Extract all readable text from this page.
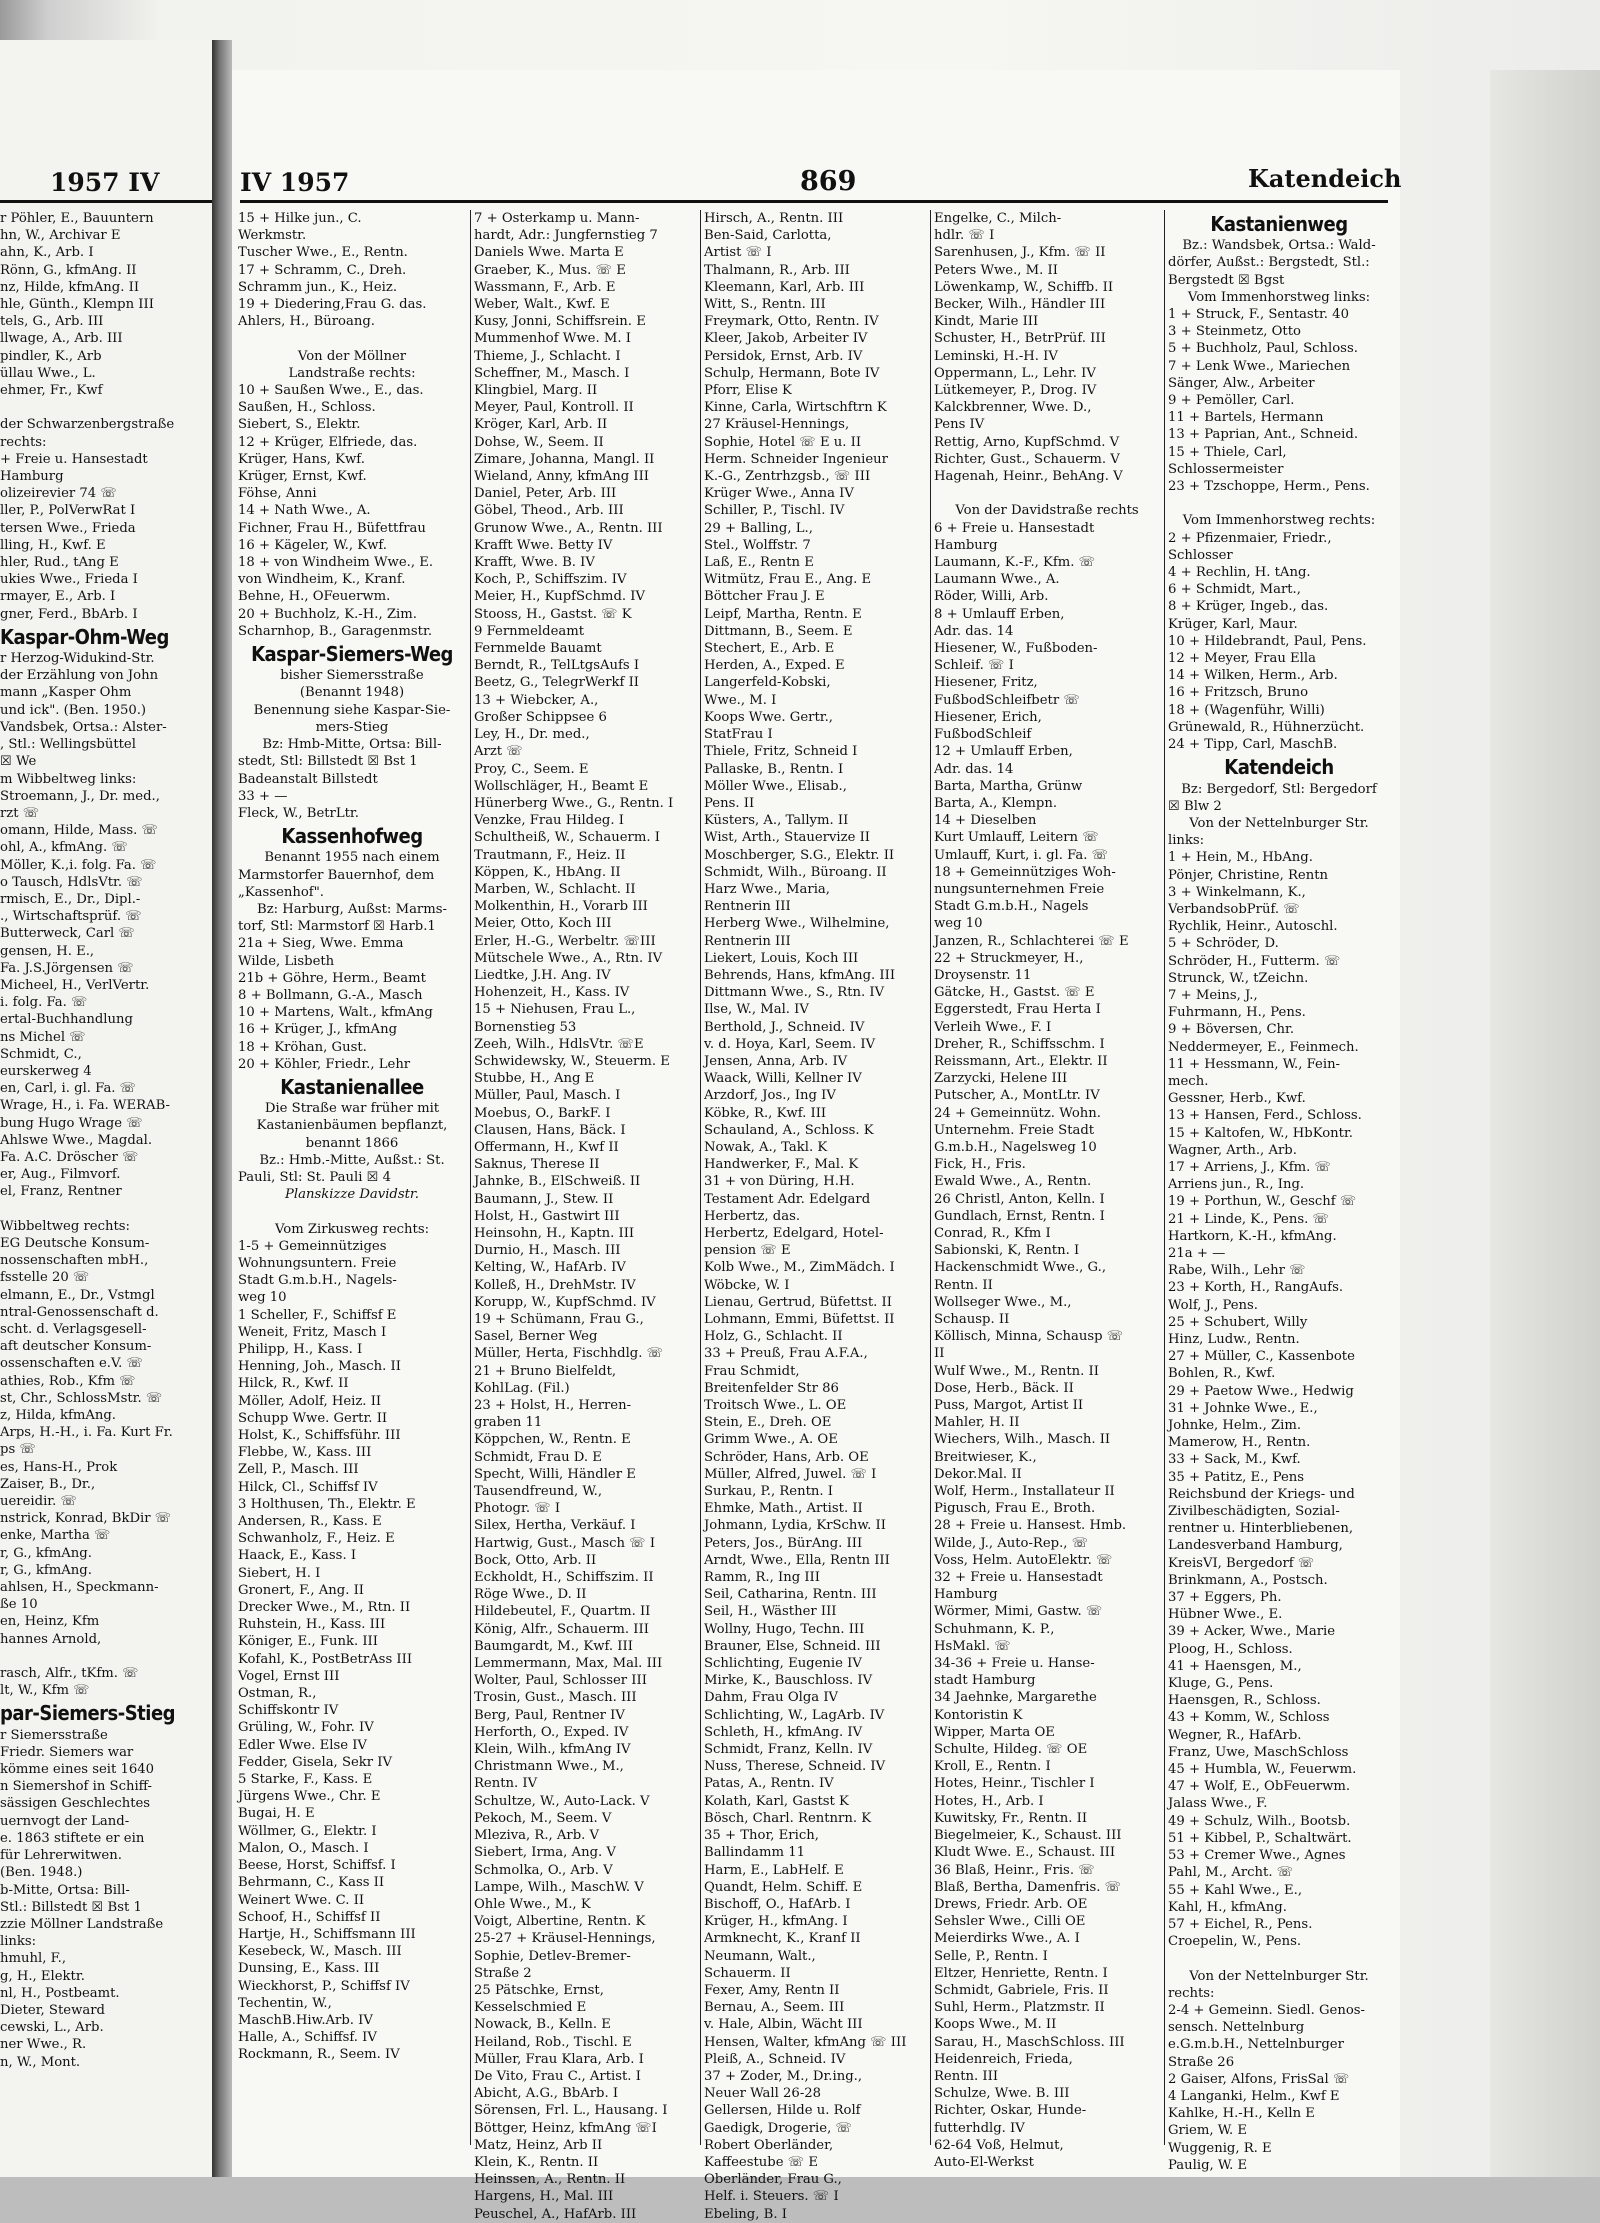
1957 IV	IV 1957	869	Katendeich
r Pöhler, E., Bauuntern
hn, W., Archivar E
ahn, K., Arb. I
Rönn, G., kfmAng. II
nz, Hilde, kfmAng. II
hle, Günth., Klempn III
tels, G., Arb. III
llwage, A., Arb. III
pindler, K., Arb
üllau Wwe., L.
ehmer, Fr., Kwf

der Schwarzenbergstraße
rechts:
+ Freie u. Hansestadt
Hamburg
olizeirevier 74 ☏
ller, P., PolVerwRat I
tersen Wwe., Frieda
lling, H., Kwf. E
hler, Rud., tAng E
ukies Wwe., Frieda I
rmayer, E., Arb. I
gner, Ferd., BbArb. I
Kaspar-Ohm-Weg
r Herzog-Widukind-Str.
der Erzählung von John
mann „Kasper Ohm
und ick". (Ben. 1950.)
Vandsbek, Ortsa.: Alster-
, Stl.: Wellingsbüttel
☒ We
m Wibbeltweg links:
Stroemann, J., Dr. med.,
rzt ☏
omann, Hilde, Mass. ☏
ohl, A., kfmAng. ☏
Möller, K.,i. folg. Fa. ☏
o Tausch, HdlsVtr. ☏
rmisch, E., Dr., Dipl.-
., Wirtschaftsprüf. ☏
Butterweck, Carl ☏
gensen, H. E.,
Fa. J.S.Jörgensen ☏
Micheel, H., VerlVertr.
i. folg. Fa. ☏
ertal-Buchhandlung
ns Michel ☏
Schmidt, C.,
eurskerweg 4
en, Carl, i. gl. Fa. ☏
Wrage, H., i. Fa. WERAB-
bung Hugo Wrage ☏
Ahlswe Wwe., Magdal.
Fa. A.C. Dröscher ☏
er, Aug., Filmvorf.
el, Franz, Rentner

Wibbeltweg rechts:
EG Deutsche Konsum-
nossenschaften mbH.,
fsstelle 20 ☏
elmann, E., Dr., Vstmgl
ntral-Genossenschaft d.
scht. d. Verlagsgesell-
aft deutscher Konsum-
ossenschaften e.V. ☏
athies, Rob., Kfm ☏
st, Chr., SchlossMstr. ☏
z, Hilda, kfmAng.
Arps, H.-H., i. Fa. Kurt Fr.
ps ☏
es, Hans-H., Prok
Zaiser, B., Dr.,
uereidir. ☏
nstrick, Konrad, BkDir ☏
enke, Martha ☏
r, G., kfmAng.
r, G., kfmAng.
ahlsen, H., Speckmann-
ße 10
en, Heinz, Kfm
hannes Arnold,

rasch, Alfr., tKfm. ☏
lt, W., Kfm ☏
par-Siemers-Stieg
r Siemersstraße
Friedr. Siemers war
kömme eines seit 1640
n Siemershof in Schiff-
sässigen Geschlechtes
uernvogt der Land-
e. 1863 stiftete er ein
für Lehrerwitwen.
(Ben. 1948.)
b-Mitte, Ortsa: Bill-
Stl.: Billstedt ☒ Bst 1
zzie Möllner Landstraße
links:
hmuhl, F.,
g, H., Elektr.
nl, H., Postbeamt.
Dieter, Steward
cewski, L., Arb.
ner Wwe., R.
n, W., Mont.
15 + Hilke jun., C.
Werkmstr.
Tuscher Wwe., E., Rentn.
17 + Schramm, C., Dreh.
Schramm jun., K., Heiz.
19 + Diedering,Frau G. das.
Ahlers, H., Büroang.

Von der Möllner
Landstraße rechts:
10 + Saußen Wwe., E., das.
Saußen, H., Schloss.
Siebert, S., Elektr.
12 + Krüger, Elfriede, das.
Krüger, Hans, Kwf.
Krüger, Ernst, Kwf.
Föhse, Anni
14 + Nath Wwe., A.
Fichner, Frau H., Büfettfrau
16 + Kägeler, W., Kwf.
18 + von Windheim Wwe., E.
von Windheim, K., Kranf.
Behne, H., OFeuerwm.
20 + Buchholz, K.-H., Zim.
Scharnhop, B., Garagenmstr.
Kaspar-Siemers-Weg
bisher Siemersstraße
(Benannt 1948)
Benennung siehe Kaspar-Sie-
mers-Stieg
Bz: Hmb-Mitte, Ortsa: Bill-
stedt, Stl: Billstedt ☒ Bst 1
Badeanstalt Billstedt
33 + —
Fleck, W., BetrLtr.
Kassenhofweg
Benannt 1955 nach einem
Marmstorfer Bauernhof, dem
„Kassenhof".
Bz: Harburg, Außst: Marms-
torf, Stl: Marmstorf ☒ Harb.1
21a + Sieg, Wwe. Emma
Wilde, Lisbeth
21b + Göhre, Herm., Beamt
8 + Bollmann, G.-A., Masch
10 + Martens, Walt., kfmAng
16 + Krüger, J., kfmAng
18 + Kröhan, Gust.
20 + Köhler, Friedr., Lehr
Kastanienallee
Die Straße war früher mit
Kastanienbäumen bepflanzt,
benannt 1866
Bz.: Hmb.-Mitte, Außst.: St.
Pauli, Stl: St. Pauli ☒ 4
Planskizze Davidstr.

Vom Zirkusweg rechts:
1-5 + Gemeinnütziges
Wohnungsuntern. Freie
Stadt G.m.b.H., Nagels-
weg 10
1 Scheller, F., Schiffsf E
Weneit, Fritz, Masch I
Philipp, H., Kass. I
Henning, Joh., Masch. II
Hilck, R., Kwf. II
Möller, Adolf, Heiz. II
Schupp Wwe. Gertr. II
Holst, K., Schiffsführ. III
Flebbe, W., Kass. III
Zell, P., Masch. III
Hilck, Cl., Schiffsf IV
3 Holthusen, Th., Elektr. E
Andersen, R., Kass. E
Schwanholz, F., Heiz. E
Haack, E., Kass. I
Siebert, H. I
Gronert, F., Ang. II
Drecker Wwe., M., Rtn. II
Ruhstein, H., Kass. III
Königer, E., Funk. III
Kofahl, K., PostBetrAss III
Vogel, Ernst III
Ostman, R.,
Schiffskontr IV
Grüling, W., Fohr. IV
Edler Wwe. Else IV
Fedder, Gisela, Sekr IV
5 Starke, F., Kass. E
Jürgens Wwe., Chr. E
Bugai, H. E
Wöllmer, G., Elektr. I
Malon, O., Masch. I
Beese, Horst, Schiffsf. I
Behrmann, C., Kass II
Weinert Wwe. C. II
Schoof, H., Schiffsf II
Hartje, H., Schiffsmann III
Kesebeck, W., Masch. III
Dunsing, E., Kass. III
Wieckhorst, P., Schiffsf IV
Techentin, W.,
MaschB.Hiw.Arb. IV
Halle, A., Schiffsf. IV
Rockmann, R., Seem. IV
7 + Osterkamp u. Mann-
hardt, Adr.: Jungfernstieg 7
Daniels Wwe. Marta E
Graeber, K., Mus. ☏ E
Wassmann, F., Arb. E
Weber, Walt., Kwf. E
Kusy, Jonni, Schiffsrein. E
Mummenhof Wwe. M. I
Thieme, J., Schlacht. I
Scheffner, M., Masch. I
Klingbiel, Marg. II
Meyer, Paul, Kontroll. II
Kröger, Karl, Arb. II
Dohse, W., Seem. II
Zimare, Johanna, Mangl. II
Wieland, Anny, kfmAng III
Daniel, Peter, Arb. III
Göbel, Theod., Arb. III
Grunow Wwe., A., Rentn. III
Krafft Wwe. Betty IV
Krafft, Wwe. B. IV
Koch, P., Schiffszim. IV
Meier, H., KupfSchmd. IV
Stooss, H., Gastst. ☏ K
9 Fernmeldeamt
Fernmelde Bauamt
Berndt, R., TelLtgsAufs I
Beetz, G., TelegrWerkf II
13 + Wiebcker, A.,
Großer Schippsee 6
Ley, H., Dr. med.,
Arzt ☏
Proy, C., Seem. E
Wollschläger, H., Beamt E
Hünerberg Wwe., G., Rentn. I
Venzke, Frau Hildeg. I
Schultheiß, W., Schauerm. I
Trautmann, F., Heiz. II
Köppen, K., HbAng. II
Marben, W., Schlacht. II
Molkenthin, H., Vorarb III
Meier, Otto, Koch III
Erler, H.-G., Werbeltr. ☏III
Mütschele Wwe., A., Rtn. IV
Liedtke, J.H. Ang. IV
Hohenzeit, H., Kass. IV
15 + Niehusen, Frau L.,
Bornenstieg 53
Zeeh, Wilh., HdlsVtr. ☏E
Schwidewsky, W., Steuerm. E
Stubbe, H., Ang E
Müller, Paul, Masch. I
Moebus, O., BarkF. I
Clausen, Hans, Bäck. I
Offermann, H., Kwf II
Saknus, Therese II
Jahnke, B., ElSchweiß. II
Baumann, J., Stew. II
Holst, H., Gastwirt III
Heinsohn, H., Kaptn. III
Durnio, H., Masch. III
Kelting, W., HafArb. IV
Kolleß, H., DrehMstr. IV
Korupp, W., KupfSchmd. IV
19 + Schümann, Frau G.,
Sasel, Berner Weg
Müller, Herta, Fischhdlg. ☏
21 + Bruno Bielfeldt,
KohlLag. (Fil.)
23 + Holst, H., Herren-
graben 11
Köppchen, W., Rentn. E
Schmidt, Frau D. E
Specht, Willi, Händler E
Tausendfreund, W.,
Photogr. ☏ I
Silex, Hertha, Verkäuf. I
Hartwig, Gust., Masch ☏ I
Bock, Otto, Arb. II
Eckholdt, H., Schiffszim. II
Röge Wwe., D. II
Hildebeutel, F., Quartm. II
König, Alfr., Schauerm. III
Baumgardt, M., Kwf. III
Lemmermann, Max, Mal. III
Wolter, Paul, Schlosser III
Trosin, Gust., Masch. III
Berg, Paul, Rentner IV
Herforth, O., Exped. IV
Klein, Wilh., kfmAng IV
Christmann Wwe., M.,
Rentn. IV
Schultze, W., Auto-Lack. V
Pekoch, M., Seem. V
Mleziva, R., Arb. V
Siebert, Irma, Ang. V
Schmolka, O., Arb. V
Lampe, Wilh., MaschW. V
Ohle Wwe., M., K
Voigt, Albertine, Rentn. K
25-27 + Kräusel-Hennings,
Sophie, Detlev-Bremer-
Straße 2
25 Pätschke, Ernst,
Kesselschmied E
Nowack, B., Kelln. E
Heiland, Rob., Tischl. E
Müller, Frau Klara, Arb. I
De Vito, Frau C., Artist. I
Abicht, A.G., BbArb. I
Sörensen, Frl. L., Hausang. I
Böttger, Heinz, kfmAng ☏I
Matz, Heinz, Arb II
Klein, K., Rentn. II
Heinssen, A., Rentn. II
Hargens, H., Mal. III
Peuschel, A., HafArb. III
Hirsch, A., Rentn. III
Ben-Said, Carlotta,
Artist ☏ I
Thalmann, R., Arb. III
Kleemann, Karl, Arb. III
Witt, S., Rentn. III
Freymark, Otto, Rentn. IV
Kleer, Jakob, Arbeiter IV
Persidok, Ernst, Arb. IV
Schulp, Hermann, Bote IV
Pforr, Elise K
Kinne, Carla, Wirtschftrn K
27 Kräusel-Hennings,
Sophie, Hotel ☏ E u. II
Herm. Schneider Ingenieur
K.-G., Zentrhzgsb., ☏ III
Krüger Wwe., Anna IV
Schiller, P., Tischl. IV
29 + Balling, L.,
Stel., Wolffstr. 7
Laß, E., Rentn E
Witmütz, Frau E., Ang. E
Böttcher Frau J. E
Leipf, Martha, Rentn. E
Dittmann, B., Seem. E
Stechert, E., Arb. E
Herden, A., Exped. E
Langerfeld-Kobski,
Wwe., M. I
Koops Wwe. Gertr.,
StatFrau I
Thiele, Fritz, Schneid I
Pallaske, B., Rentn. I
Möller Wwe., Elisab.,
Pens. II
Küsters, A., Tallym. II
Wist, Arth., Stauervize II
Moschberger, S.G., Elektr. II
Schmidt, Wilh., Büroang. II
Harz Wwe., Maria,
Rentnerin III
Herberg Wwe., Wilhelmine,
Rentnerin III
Liekert, Louis, Koch III
Behrends, Hans, kfmAng. III
Dittmann Wwe., S., Rtn. IV
Ilse, W., Mal. IV
Berthold, J., Schneid. IV
v. d. Hoya, Karl, Seem. IV
Jensen, Anna, Arb. IV
Waack, Willi, Kellner IV
Arzdorf, Jos., Ing IV
Köbke, R., Kwf. III
Schauland, A., Schloss. K
Nowak, A., Takl. K
Handwerker, F., Mal. K
31 + von Düring, H.H.
Testament Adr. Edelgard
Herbertz, das.
Herbertz, Edelgard, Hotel-
pension ☏ E
Kolb Wwe., M., ZimMädch. I
Wöbcke, W. I
Lienau, Gertrud, Büfettst. II
Lohmann, Emmi, Büfettst. II
Holz, G., Schlacht. II
33 + Preuß, Frau A.F.A.,
Frau Schmidt,
Breitenfelder Str 86
Troitsch Wwe., L. OE
Stein, E., Dreh. OE
Grimm Wwe., A. OE
Schröder, Hans, Arb. OE
Müller, Alfred, Juwel. ☏ I
Surkau, P., Rentn. I
Ehmke, Math., Artist. II
Johmann, Lydia, KrSchw. II
Peters, Jos., BürAng. III
Arndt, Wwe., Ella, Rentn III
Ramm, R., Ing III
Seil, Catharina, Rentn. III
Seil, H., Wästher III
Wollny, Hugo, Techn. III
Brauner, Else, Schneid. III
Schlichting, Eugenie IV
Mirke, K., Bauschloss. IV
Dahm, Frau Olga IV
Schlichting, W., LagArb. IV
Schleth, H., kfmAng. IV
Schmidt, Franz, Kelln. IV
Nuss, Therese, Schneid. IV
Patas, A., Rentn. IV
Kolath, Karl, Gastst K
Bösch, Charl. Rentnrn. K
35 + Thor, Erich,
Ballindamm 11
Harm, E., LabHelf. E
Quandt, Helm. Schiff. E
Bischoff, O., HafArb. I
Krüger, H., kfmAng. I
Armknecht, K., Kranf II
Neumann, Walt.,
Schauerm. II
Fexer, Amy, Rentn II
Bernau, A., Seem. III
v. Hale, Albin, Wächt III
Hensen, Walter, kfmAng ☏ III
Pleiß, A., Schneid. IV
37 + Zoder, M., Dr.ing.,
Neuer Wall 26-28
Gellersen, Hilde u. Rolf
Gaedigk, Drogerie, ☏
Robert Oberländer,
Kaffeestube ☏ E
Oberländer, Frau G.,
Helf. i. Steuers. ☏ I
Ebeling, B. I
Engelke, C., Milch-
hdlr. ☏ I
Sarenhusen, J., Kfm. ☏ II
Peters Wwe., M. II
Löwenkamp, W., Schiffb. II
Becker, Wilh., Händler III
Kindt, Marie III
Schuster, H., BetrPrüf. III
Leminski, H.-H. IV
Oppermann, L., Lehr. IV
Lütkemeyer, P., Drog. IV
Kalckbrenner, Wwe. D.,
Pens IV
Rettig, Arno, KupfSchmd. V
Richter, Gust., Schauerm. V
Hagenah, Heinr., BehAng. V

Von der Davidstraße rechts
6 + Freie u. Hansestadt
Hamburg
Laumann, K.-F., Kfm. ☏
Laumann Wwe., A.
Röder, Willi, Arb.
8 + Umlauff Erben,
Adr. das. 14
Hiesener, W., Fußboden-
Schleif. ☏ I
Hiesener, Fritz,
FußbodSchleifbetr ☏
Hiesener, Erich,
FußbodSchleif
12 + Umlauff Erben,
Adr. das. 14
Barta, Martha, Grünw
Barta, A., Klempn.
14 + Dieselben
Kurt Umlauff, Leitern ☏
Umlauff, Kurt, i. gl. Fa. ☏
18 + Gemeinnütziges Woh-
nungsunternehmen Freie
Stadt G.m.b.H., Nagels
weg 10
Janzen, R., Schlachterei ☏ E
22 + Struckmeyer, H.,
Droysenstr. 11
Gätcke, H., Gastst. ☏ E
Eggerstedt, Frau Herta I
Verleih Wwe., F. I
Dreher, R., Schiffsschm. I
Reissmann, Art., Elektr. II
Zarzycki, Helene III
Putscher, A., MontLtr. IV
24 + Gemeinnütz. Wohn.
Unternehm. Freie Stadt
G.m.b.H., Nagelsweg 10
Fick, H., Fris.
Ewald Wwe., A., Rentn.
26 Christl, Anton, Kelln. I
Gundlach, Ernst, Rentn. I
Conrad, R., Kfm I
Sabionski, K, Rentn. I
Hackenschmidt Wwe., G.,
Rentn. II
Wollseger Wwe., M.,
Schausp. II
Köllisch, Minna, Schausp ☏
II
Wulf Wwe., M., Rentn. II
Dose, Herb., Bäck. II
Puss, Margot, Artist II
Mahler, H. II
Wiechers, Wilh., Masch. II
Breitwieser, K.,
Dekor.Mal. II
Wolf, Herm., Installateur II
Pigusch, Frau E., Broth.
28 + Freie u. Hansest. Hmb.
Wilde, J., Auto-Rep., ☏
Voss, Helm. AutoElektr. ☏
32 + Freie u. Hansestadt
Hamburg
Wörmer, Mimi, Gastw. ☏
Schuhmann, K. P.,
HsMakl. ☏
34-36 + Freie u. Hanse-
stadt Hamburg
34 Jaehnke, Margarethe
Kontoristin K
Wipper, Marta OE
Schulte, Hildeg. ☏ OE
Kroll, E., Rentn. I
Hotes, Heinr., Tischler I
Hotes, H., Arb. I
Kuwitsky, Fr., Rentn. II
Biegelmeier, K., Schaust. III
Kludt Wwe. E., Schaust. III
36 Blaß, Heinr., Fris. ☏
Blaß, Bertha, Damenfris. ☏
Drews, Friedr. Arb. OE
Sehsler Wwe., Cilli OE
Meierdirks Wwe., A. I
Selle, P., Rentn. I
Eltzer, Henriette, Rentn. I
Schmidt, Gabriele, Fris. II
Suhl, Herm., Platzmstr. II
Koops Wwe., M. II
Sarau, H., MaschSchloss. III
Heidenreich, Frieda,
Rentn. III
Schulze, Wwe. B. III
Richter, Oskar, Hunde-
futterhdlg. IV
62-64 Voß, Helmut,
Auto-El-Werkst
Kastanienweg
Bz.: Wandsbek, Ortsa.: Wald-
dörfer, Außst.: Bergstedt, Stl.:
Bergstedt ☒ Bgst
Vom Immenhorstweg links:
1 + Struck, F., Sentastr. 40
3 + Steinmetz, Otto
5 + Buchholz, Paul, Schloss.
7 + Lenk Wwe., Mariechen
Sänger, Alw., Arbeiter
9 + Pemöller, Carl.
11 + Bartels, Hermann
13 + Paprian, Ant., Schneid.
15 + Thiele, Carl,
Schlossermeister
23 + Tzschoppe, Herm., Pens.

Vom Immenhorstweg rechts:
2 + Pfizenmaier, Friedr.,
Schlosser
4 + Rechlin, H. tAng.
6 + Schmidt, Mart.,
8 + Krüger, Ingeb., das.
Krüger, Karl, Maur.
10 + Hildebrandt, Paul, Pens.
12 + Meyer, Frau Ella
14 + Wilken, Herm., Arb.
16 + Fritzsch, Bruno
18 + (Wagenführ, Willi)
Grünewald, R., Hühnerzücht.
24 + Tipp, Carl, MaschB.
Katendeich
Bz: Bergedorf, Stl: Bergedorf
☒ Blw 2
Von der Nettelnburger Str.
links:
1 + Hein, M., HbAng.
Pönjer, Christine, Rentn
3 + Winkelmann, K.,
VerbandsobPrüf. ☏
Rychlik, Heinr., Autoschl.
5 + Schröder, D.
Schröder, H., Futterm. ☏
Strunck, W., tZeichn.
7 + Meins, J.,
Fuhrmann, H., Pens.
9 + Böversen, Chr.
Neddermeyer, E., Feinmech.
11 + Hessmann, W., Fein-
mech.
Gessner, Herb., Kwf.
13 + Hansen, Ferd., Schloss.
15 + Kaltofen, W., HbKontr.
Wagner, Arth., Arb.
17 + Arriens, J., Kfm. ☏
Arriens jun., R., Ing.
19 + Porthun, W., Geschf ☏
21 + Linde, K., Pens. ☏
Hartkorn, K.-H., kfmAng.
21a + —
Rabe, Wilh., Lehr ☏
23 + Korth, H., RangAufs.
Wolf, J., Pens.
25 + Schubert, Willy
Hinz, Ludw., Rentn.
27 + Müller, C., Kassenbote
Bohlen, R., Kwf.
29 + Paetow Wwe., Hedwig
31 + Johnke Wwe., E.,
Johnke, Helm., Zim.
Mamerow, H., Rentn.
33 + Sack, M., Kwf.
35 + Patitz, E., Pens
Reichsbund der Kriegs- und
Zivilbeschädigten, Sozial-
rentner u. Hinterbliebenen,
Landesverband Hamburg,
KreisVI, Bergedorf ☏
Brinkmann, A., Postsch.
37 + Eggers, Ph.
Hübner Wwe., E.
39 + Acker, Wwe., Marie
Ploog, H., Schloss.
41 + Haensgen, M.,
Kluge, G., Pens.
Haensgen, R., Schloss.
43 + Komm, W., Schloss
Wegner, R., HafArb.
Franz, Uwe, MaschSchloss
45 + Humbla, W., Feuerwm.
47 + Wolf, E., ObFeuerwm.
Jalass Wwe., F.
49 + Schulz, Wilh., Bootsb.
51 + Kibbel, P., Schaltwärt.
53 + Cremer Wwe., Agnes
Pahl, M., Archt. ☏
55 + Kahl Wwe., E.,
Kahl, H., kfmAng.
57 + Eichel, R., Pens.
Croepelin, W., Pens.

Von der Nettelnburger Str.
rechts:
2-4 + Gemeinn. Siedl. Genos-
sensch. Nettelnburg
e.G.m.b.H., Nettelnburger
Straße 26
2 Gaiser, Alfons, FrisSal ☏
4 Langanki, Helm., Kwf E
Kahlke, H.-H., Kelln E
Griem, W. E
Wuggenig, R. E
Paulig, W. E
